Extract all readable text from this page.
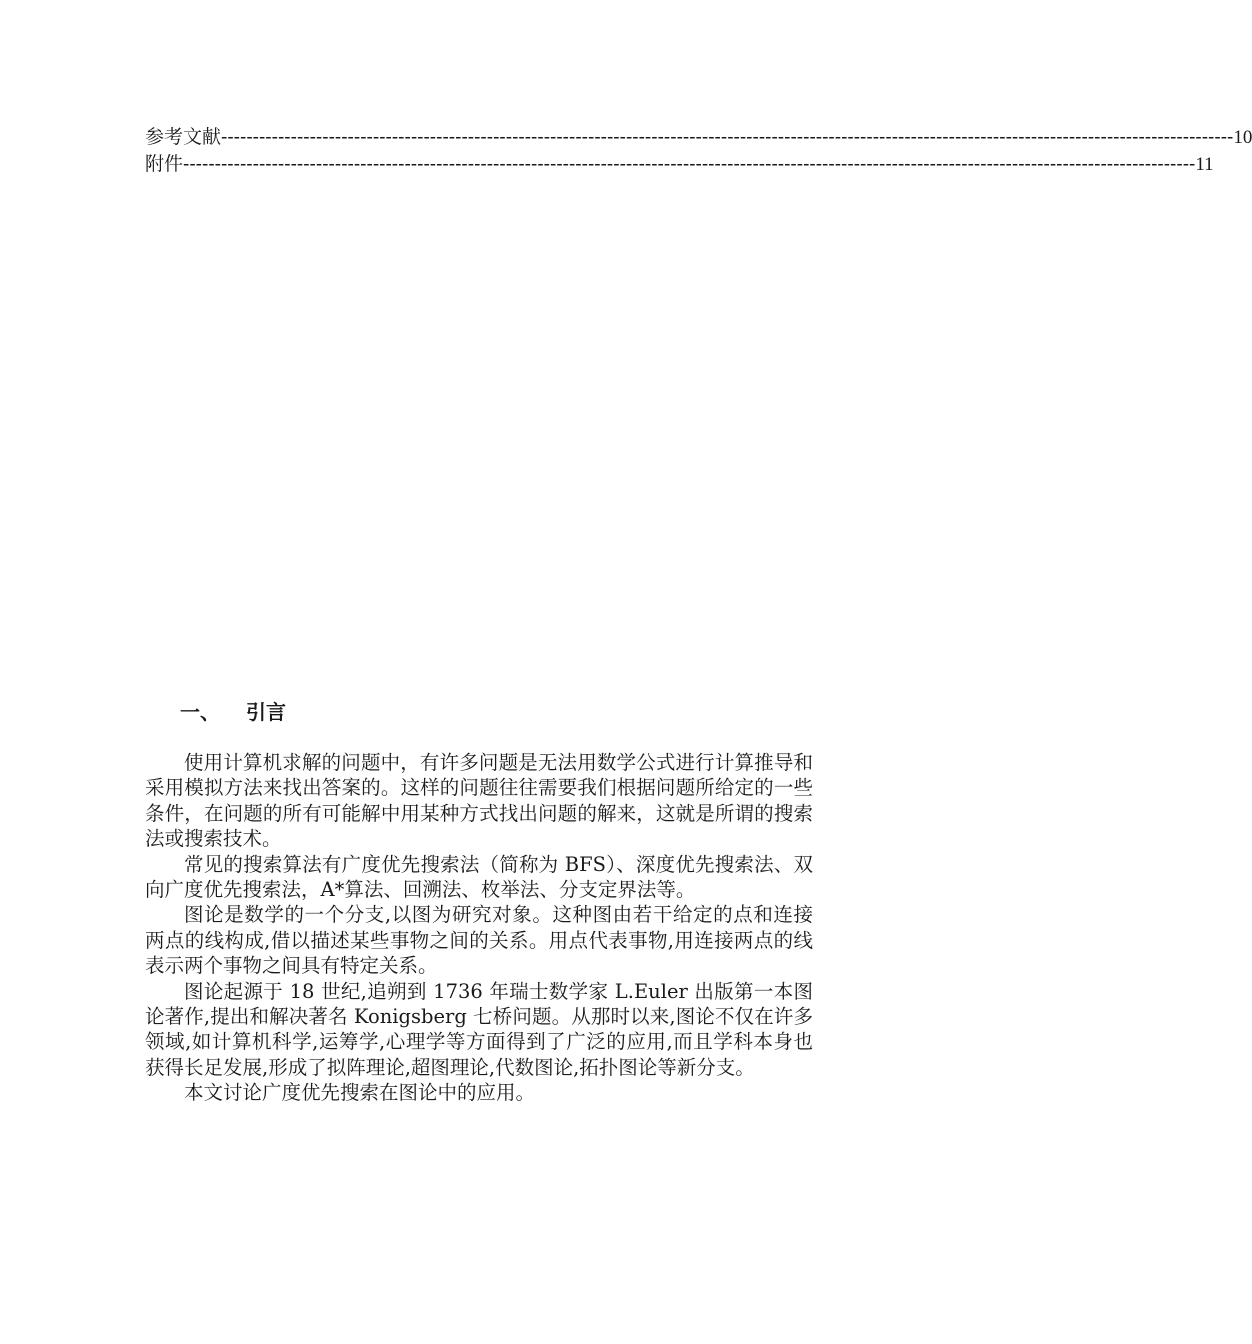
参考文献 ---------------------------------------------------------------------------------------------------------------------------------------------------------------- 10
附件 ---------------------------------------------------------------------------------------------------------------------------------------------------------------- 11
一、 引言

使用计算机求解的问题中，有许多问题是无法用数学公式进行计算推导和采用模拟方法来找出答案的。这样的问题往往需要我们根据问题所给定的一些条件，在问题的所有可能解中用某种方式找出问题的解来，这就是所谓的搜索法或搜索技术。

常见的搜索算法有广度优先搜索法（简称为 BFS）、深度优先搜索法、双向广度优先搜索法，A*算法、回溯法、枚举法、分支定界法等。

图论是数学的一个分支,以图为研究对象。这种图由若干给定的点和连接两点的线构成,借以描述某些事物之间的关系。用点代表事物,用连接两点的线表示两个事物之间具有特定关系。

图论起源于 18 世纪,追朔到 1736 年瑞士数学家 L.Euler 出版第一本图论著作,提出和解决著名 Konigsberg 七桥问题。从那时以来,图论不仅在许多领域,如计算机科学,运筹学,心理学等方面得到了广泛的应用,而且学科本身也获得长足发展,形成了拟阵理论,超图理论,代数图论,拓扑图论等新分支。

本文讨论广度优先搜索在图论中的应用。
